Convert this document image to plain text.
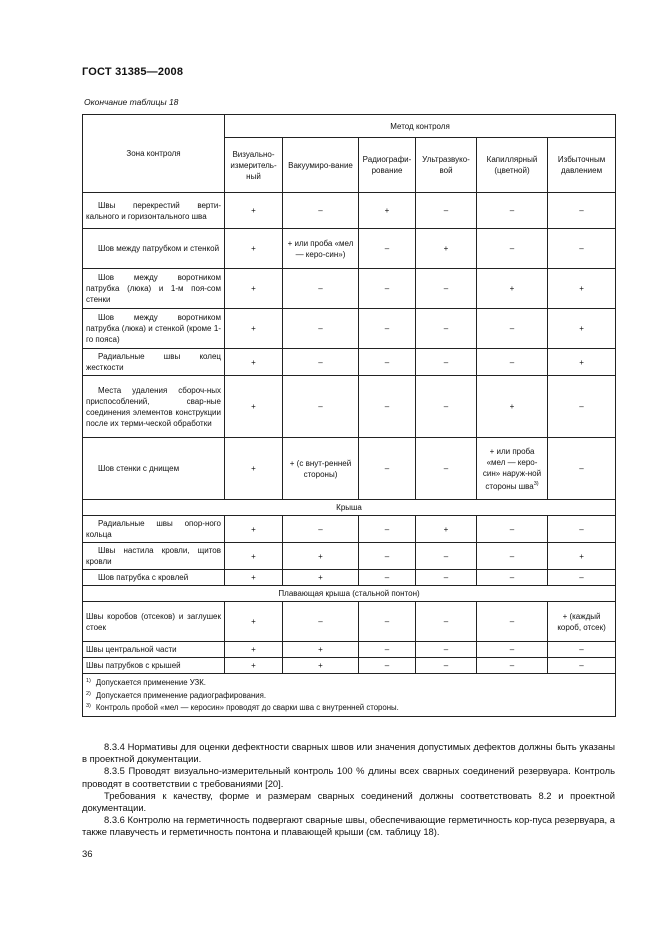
ГОСТ 31385—2008
Окончание таблицы 18
Зона контроля	Метод контроля					
	Визуально-измеритель-ный	Вакуумиро-вание	Радиографи-рование	Ультразвуко-вой	Капиллярный (цветной)	Избыточным давлением
Швы перекрестий верти-кального и горизонтального шва	+	–	+	–	–	–
Шов между патрубком и стенкой	+	+ или проба «мел — керо-син»)	–	+	–	–
Шов между воротником патрубка (люка) и 1-м поя-сом стенки	+	–	–	–	+	+
Шов между воротником патрубка (люка) и стенкой (кроме 1-го пояса)	+	–	–	–	–	+
Радиальные швы колец жесткости	+	–	–	–	–	+
Места удаления сбороч-ных приспособлений, свар-ные соединения элементов конструкции после их терми-ческой обработки	+	–	–	–	+	–
Шов стенки с днищем	+	+ (с внут-ренней стороны)	–	–	+ или проба «мел — керо-син» наруж-ной стороны шва$^{3)}$	–
Крыша						
Радиальные швы опор-ного кольца	+	–	–	+	–	–
Швы настила кровли, щитов кровли	+	+	–	–	–	+
Шов патрубка с кровлей	+	+	–	–	–	–
Плавающая крыша (стальной понтон)						
Швы коробов (отсеков) и заглушек стоек	+	–	–	–	–	+ (каждый короб, отсек)
Швы центральной части	+	+	–	–	–	–
Швы патрубков с крышей	+	+	–	–	–	–

$^{1)}$ Допускается применение УЗК.
$^{2)}$ Допускается применение радиографирования.
$^{3)}$ Контроль пробой «мел — керосин» проводят до сварки шва с внутренней стороны.						

8.3.4 Нормативы для оценки дефектности сварных швов или значения допустимых дефектов должны быть указаны в проектной документации.

8.3.5 Проводят визуально-измерительный контроль 100 % длины всех сварных соединений резервуара. Контроль проводят в соответствии с требованиями [20].

Требования к качеству, форме и размерам сварных соединений должны соответствовать 8.2 и проектной документации.

8.3.6 Контролю на герметичность подвергают сварные швы, обеспечивающие герметичность кор-пуса резервуара, а также плавучесть и герметичность понтона и плавающей крыши (см. таблицу 18).

36
